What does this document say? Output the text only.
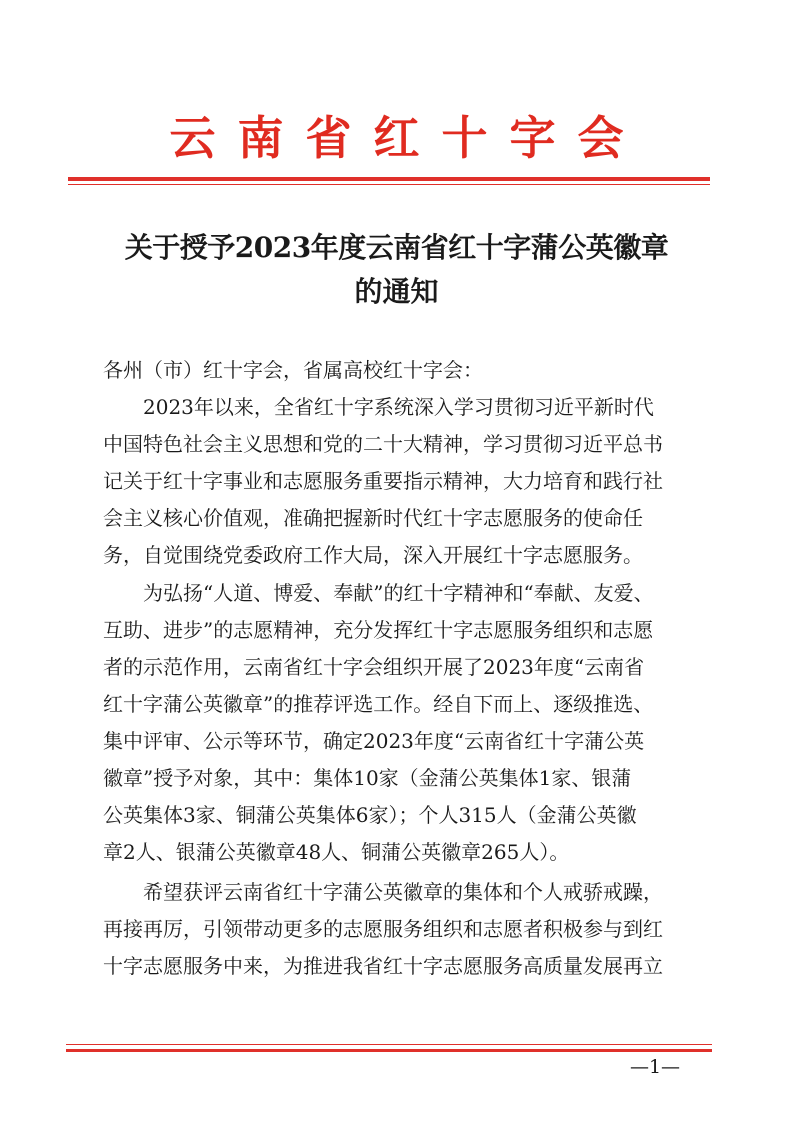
云南省红十字会
关于授予2023年度云南省红十字蒲公英徽章
的通知
各州（市）红十字会，省属高校红十字会：
2023年以来，全省红十字系统深入学习贯彻习近平新时代
中国特色社会主义思想和党的二十大精神，学习贯彻习近平总书
记关于红十字事业和志愿服务重要指示精神，大力培育和践行社
会主义核心价值观，准确把握新时代红十字志愿服务的使命任
务，自觉围绕党委政府工作大局，深入开展红十字志愿服务。
为弘扬“人道、博爱、奉献”的红十字精神和“奉献、友爱、
互助、进步”的志愿精神，充分发挥红十字志愿服务组织和志愿
者的示范作用，云南省红十字会组织开展了2023年度“云南省
红十字蒲公英徽章”的推荐评选工作。经自下而上、逐级推选、
集中评审、公示等环节，确定2023年度“云南省红十字蒲公英
徽章”授予对象，其中：集体10家（金蒲公英集体1家、银蒲
公英集体3家、铜蒲公英集体6家）；个人315人（金蒲公英徽
章2人、银蒲公英徽章48人、铜蒲公英徽章265人）。
希望获评云南省红十字蒲公英徽章的集体和个人戒骄戒躁，
再接再厉，引领带动更多的志愿服务组织和志愿者积极参与到红
十字志愿服务中来，为推进我省红十字志愿服务高质量发展再立
—1—
